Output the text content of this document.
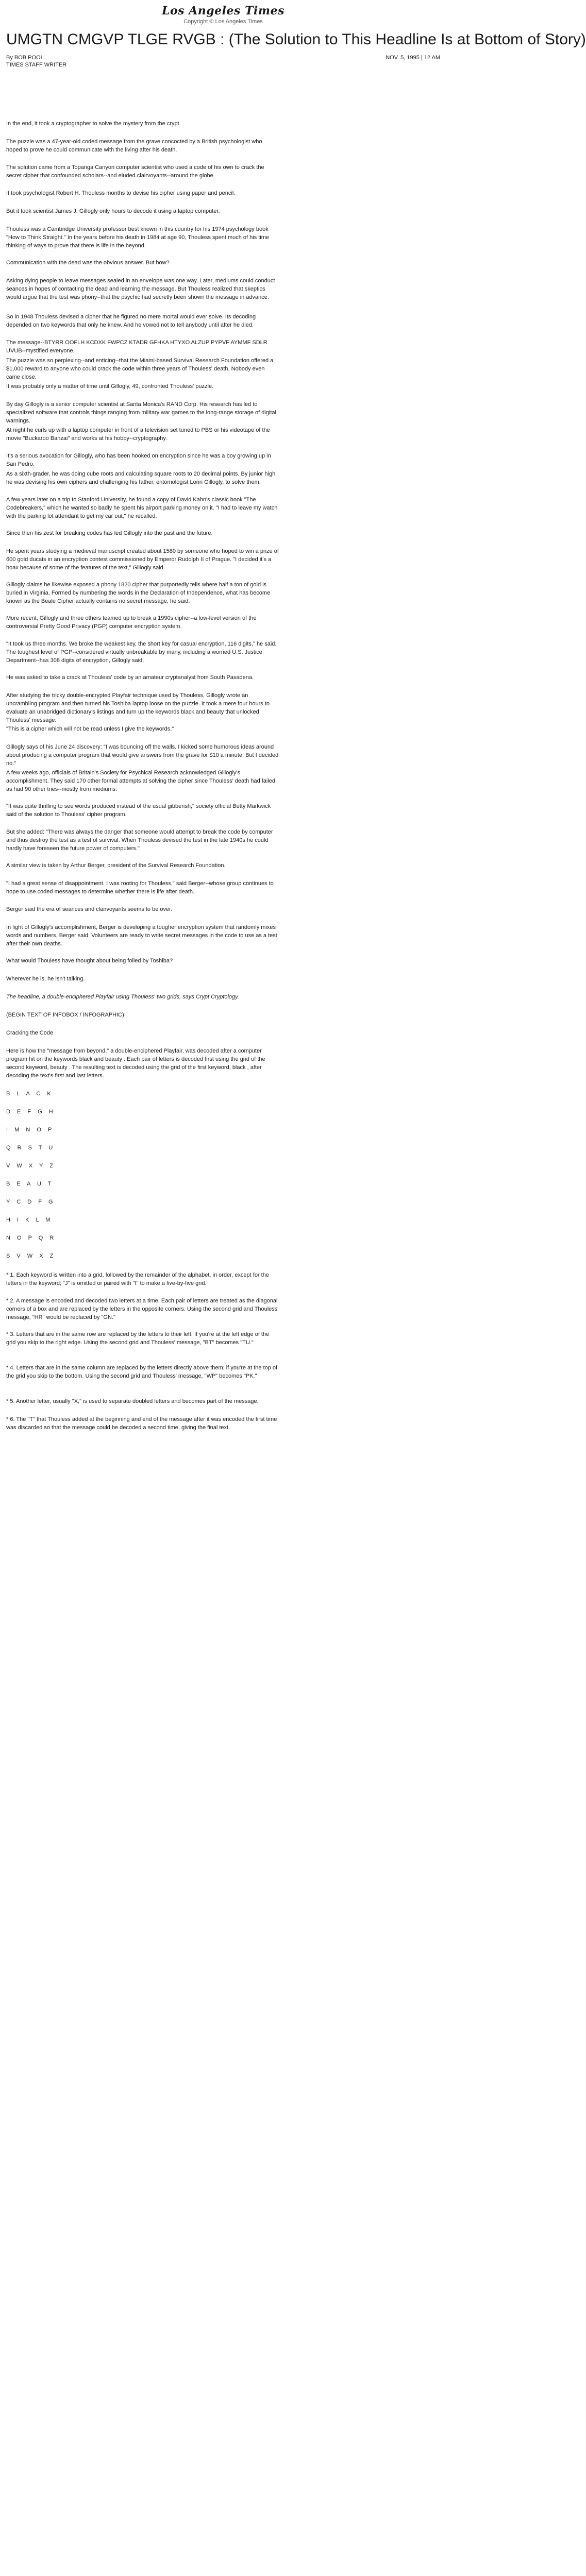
Los Angeles Times
Copyright © Los Angeles Times
UMGTN CMGVP TLGE RVGB : (The Solution to This Headline Is at Bottom of Story)
By BOB POOL	NOV. 5, 1995 | 12 AM
TIMES STAFF WRITER

In the end, it took a cryptographer to solve the mystery from the crypt.

The puzzle was a 47-year-old coded message from the grave concocted by a British psychologist who hoped to prove he could communicate with the living after his death.

The solution came from a Topanga Canyon computer scientist who used a code of his own to crack the secret cipher that confounded scholars--and eluded clairvoyants--around the globe.

It took psychologist Robert H. Thouless months to devise his cipher using paper and pencil.

But it took scientist James J. Gillogly only hours to decode it using a laptop computer.

Thouless was a Cambridge University professor best known in this country for his 1974 psychology book "How to Think Straight." In the years before his death in 1984 at age 90, Thouless spent much of his time thinking of ways to prove that there is life in the beyond.

Communication with the dead was the obvious answer. But how?

Asking dying people to leave messages sealed in an envelope was one way. Later, mediums could conduct seances in hopes of contacting the dead and learning the message. But Thouless realized that skeptics would argue that the test was phony--that the psychic had secretly been shown the message in advance.

So in 1948 Thouless devised a cipher that he figured no mere mortal would ever solve. Its decoding depended on two keywords that only he knew. And he vowed not to tell anybody until after he died.

The message--BTYRR OOFLH KCDXK FWPCZ KTADR GFHKA HTYXO ALZUP PYPVF AYMMF SDLR UVUB--mystified everyone.

The puzzle was so perplexing--and enticing--that the Miami-based Survival Research Foundation offered a $1,000 reward to anyone who could crack the code within three years of Thouless' death. Nobody even came close.

It was probably only a matter of time until Gillogly, 49, confronted Thouless' puzzle.

By day Gillogly is a senior computer scientist at Santa Monica's RAND Corp. His research has led to specialized software that controls things ranging from military war games to the long-range storage of digital warnings.

At night he curls up with a laptop computer in front of a television set tuned to PBS or his videotape of the movie "Buckaroo Banzai" and works at his hobby--cryptography.

It's a serious avocation for Gillogly, who has been hooked on encryption since he was a boy growing up in San Pedro.

As a sixth-grader, he was doing cube roots and calculating square roots to 20 decimal points. By junior high he was devising his own ciphers and challenging his father, entomologist Lorin Gillogly, to solve them.

A few years later on a trip to Stanford University, he found a copy of David Kahn's classic book "The Codebreakers," which he wanted so badly he spent his airport parking money on it. "I had to leave my watch with the parking lot attendant to get my car out," he recalled.

Since then his zest for breaking codes has led Gillogly into the past and the future.

He spent years studying a medieval manuscript created about 1580 by someone who hoped to win a prize of 600 gold ducats in an encryption contest commissioned by Emperor Rudolph II of Prague. "I decided it's a hoax because of some of the features of the text," Gillogly said.

Gillogly claims he likewise exposed a phony 1820 cipher that purportedly tells where half a ton of gold is buried in Virginia. Formed by numbering the words in the Declaration of Independence, what has become known as the Beale Cipher actually contains no secret message, he said.

More recent, Gillogly and three others teamed up to break a 1990s cipher--a low-level version of the controversial Pretty Good Privacy (PGP) computer encryption system.

"It took us three months. We broke the weakest key, the short key for casual encryption, 116 digits," he said. The toughest level of PGP--considered virtually unbreakable by many, including a worried U.S. Justice Department--has 308 digits of encryption, Gillogly said.

He was asked to take a crack at Thouless' code by an amateur cryptanalyst from South Pasadena.

After studying the tricky double-encrypted Playfair technique used by Thouless, Gillogly wrote an uncrambling program and then turned his Toshiba laptop loose on the puzzle. It took a mere four hours to evaluate an unabridged dictionary's listings and turn up the keywords black and beauty that unlocked Thouless' message:

"This is a cipher which will not be read unless I give the keywords."

Gillogly says of his June 24 discovery: "I was bouncing off the walls. I kicked some humorous ideas around about producing a computer program that would give answers from the grave for $10 a minute. But I decided no."

A few weeks ago, officials of Britain's Society for Psychical Research acknowledged Gillogly's accomplishment. They said 170 other formal attempts at solving the cipher since Thouless' death had failed, as had 90 other tries--mostly from mediums.

"It was quite thrilling to see words produced instead of the usual gibberish," society official Betty Markwick said of the solution to Thouless' cipher program.

But she added: "There was always the danger that someone would attempt to break the code by computer and thus destroy the test as a test of survival. When Thouless devised the test in the late 1940s he could hardly have foreseen the future power of computers."

A similar view is taken by Arthur Berger, president of the Survival Research Foundation.

"I had a great sense of disappointment. I was rooting for Thouless," said Berger--whose group continues to hope to use coded messages to determine whether there is life after death.

Berger said the era of seances and clairvoyants seems to be over.

In light of Gillogly's accomplishment, Berger is developing a tougher encryption system that randomly mixes words and numbers, Berger said. Volunteers are ready to write secret messages in the code to use as a test after their own deaths.

What would Thouless have thought about being foiled by Toshiba?

Wherever he is, he isn't talking.

The headline, a double-enciphered Playfair using Thouless' two grids, says Crypt Cryptology.

(BEGIN TEXT OF INFOBOX / INFOGRAPHIC)

Cracking the Code

Here is how the "message from beyond," a double-enciphered Playfair, was decoded after a computer program hit on the keywords black and beauty . Each pair of letters is decoded first using the grid of the second keyword, beauty . The resulting text is decoded using the grid of the first keyword, black , after decoding the text's first and last letters.

B L A C K
D E F G H
I M N O P
Q R S T U
V W X Y Z
B E A U T
Y C D F G
H I K L M
N O P Q R
S V W X Z

* 1. Each keyword is written into a grid, followed by the remainder of the alphabet, in order, except for the letters in the keyword; "J" is omitted or paired with "I" to make a five-by-five grid.

* 2. A message is encoded and decoded two letters at a time. Each pair of letters are treated as the diagonal corners of a box and are replaced by the letters in the opposite corners. Using the second grid and Thouless' message, "HR" would be replaced by "GN."

* 3. Letters that are in the same row are replaced by the letters to their left. If you're at the left edge of the grid you skip to the right edge. Using the second grid and Thouless' message, "BT" becomes "TU."

* 4. Letters that are in the same column are replaced by the letters directly above them; if you're at the top of the grid you skip to the bottom. Using the second grid and Thouless' message, "WP" becomes "PK."

* 5. Another letter, usually "X," is used to separate doubled letters and becomes part of the message.

* 6. The "T" that Thouless added at the beginning and end of the message after it was encoded the first time was discarded so that the message could be decoded a second time, giving the final text.
